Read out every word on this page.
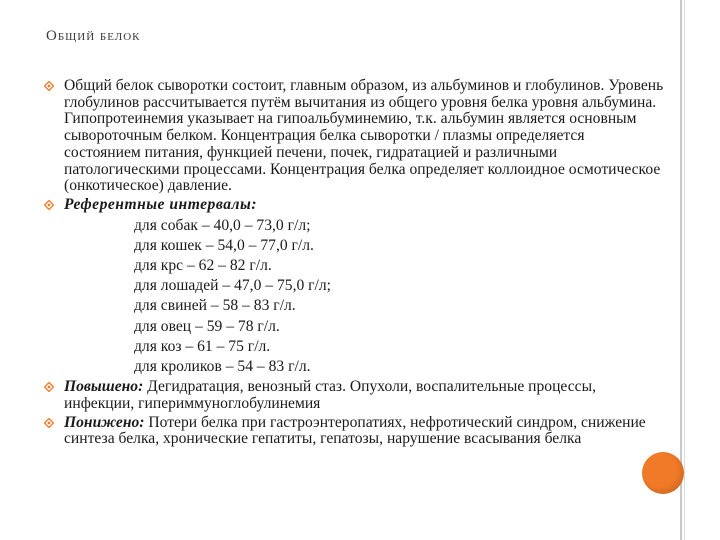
Общий белок

Общий белок сыворотки состоит, главным образом, из альбуминов и глобулинов. Уровень глобулинов рассчитывается путём вычитания из общего уровня белка уровня альбумина. Гипопротеинемия указывает на гипоальбуминемию, т.к. альбумин является основным сывороточным белком. Концентрация белка сыворотки / плазмы определяется состоянием питания, функцией печени, почек, гидратацией и различными патологическими процессами. Концентрация белка определяет коллоидное осмотическое (онкотическое) давление.

Референтные интервалы:
для собак – 40,0 – 73,0 г/л;
для кошек – 54,0 – 77,0 г/л.
для крс – 62 – 82 г/л.
для лошадей – 47,0 – 75,0 г/л;
для свиней – 58 – 83 г/л.
для овец – 59 – 78 г/л.
для коз – 61 – 75 г/л.
для кроликов – 54 – 83 г/л.

Повышено: Дегидратация, венозный стаз. Опухоли, воспалительные процессы, инфекции, гипериммуноглобулинемия

Понижено: Потери белка при гастроэнтеропатиях, нефротический синдром, снижение синтеза белка, хронические гепатиты, гепатозы, нарушение всасывания белка
